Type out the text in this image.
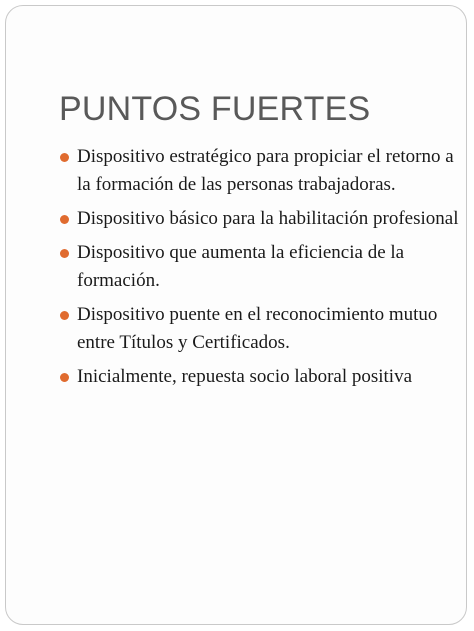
PUNTOS FUERTES
Dispositivo estratégico para propiciar el retorno a la formación de las personas trabajadoras.
Dispositivo básico para la habilitación profesional
Dispositivo que aumenta la eficiencia de la formación.
Dispositivo puente en el reconocimiento mutuo entre Títulos y Certificados.
Inicialmente, repuesta socio laboral positiva
